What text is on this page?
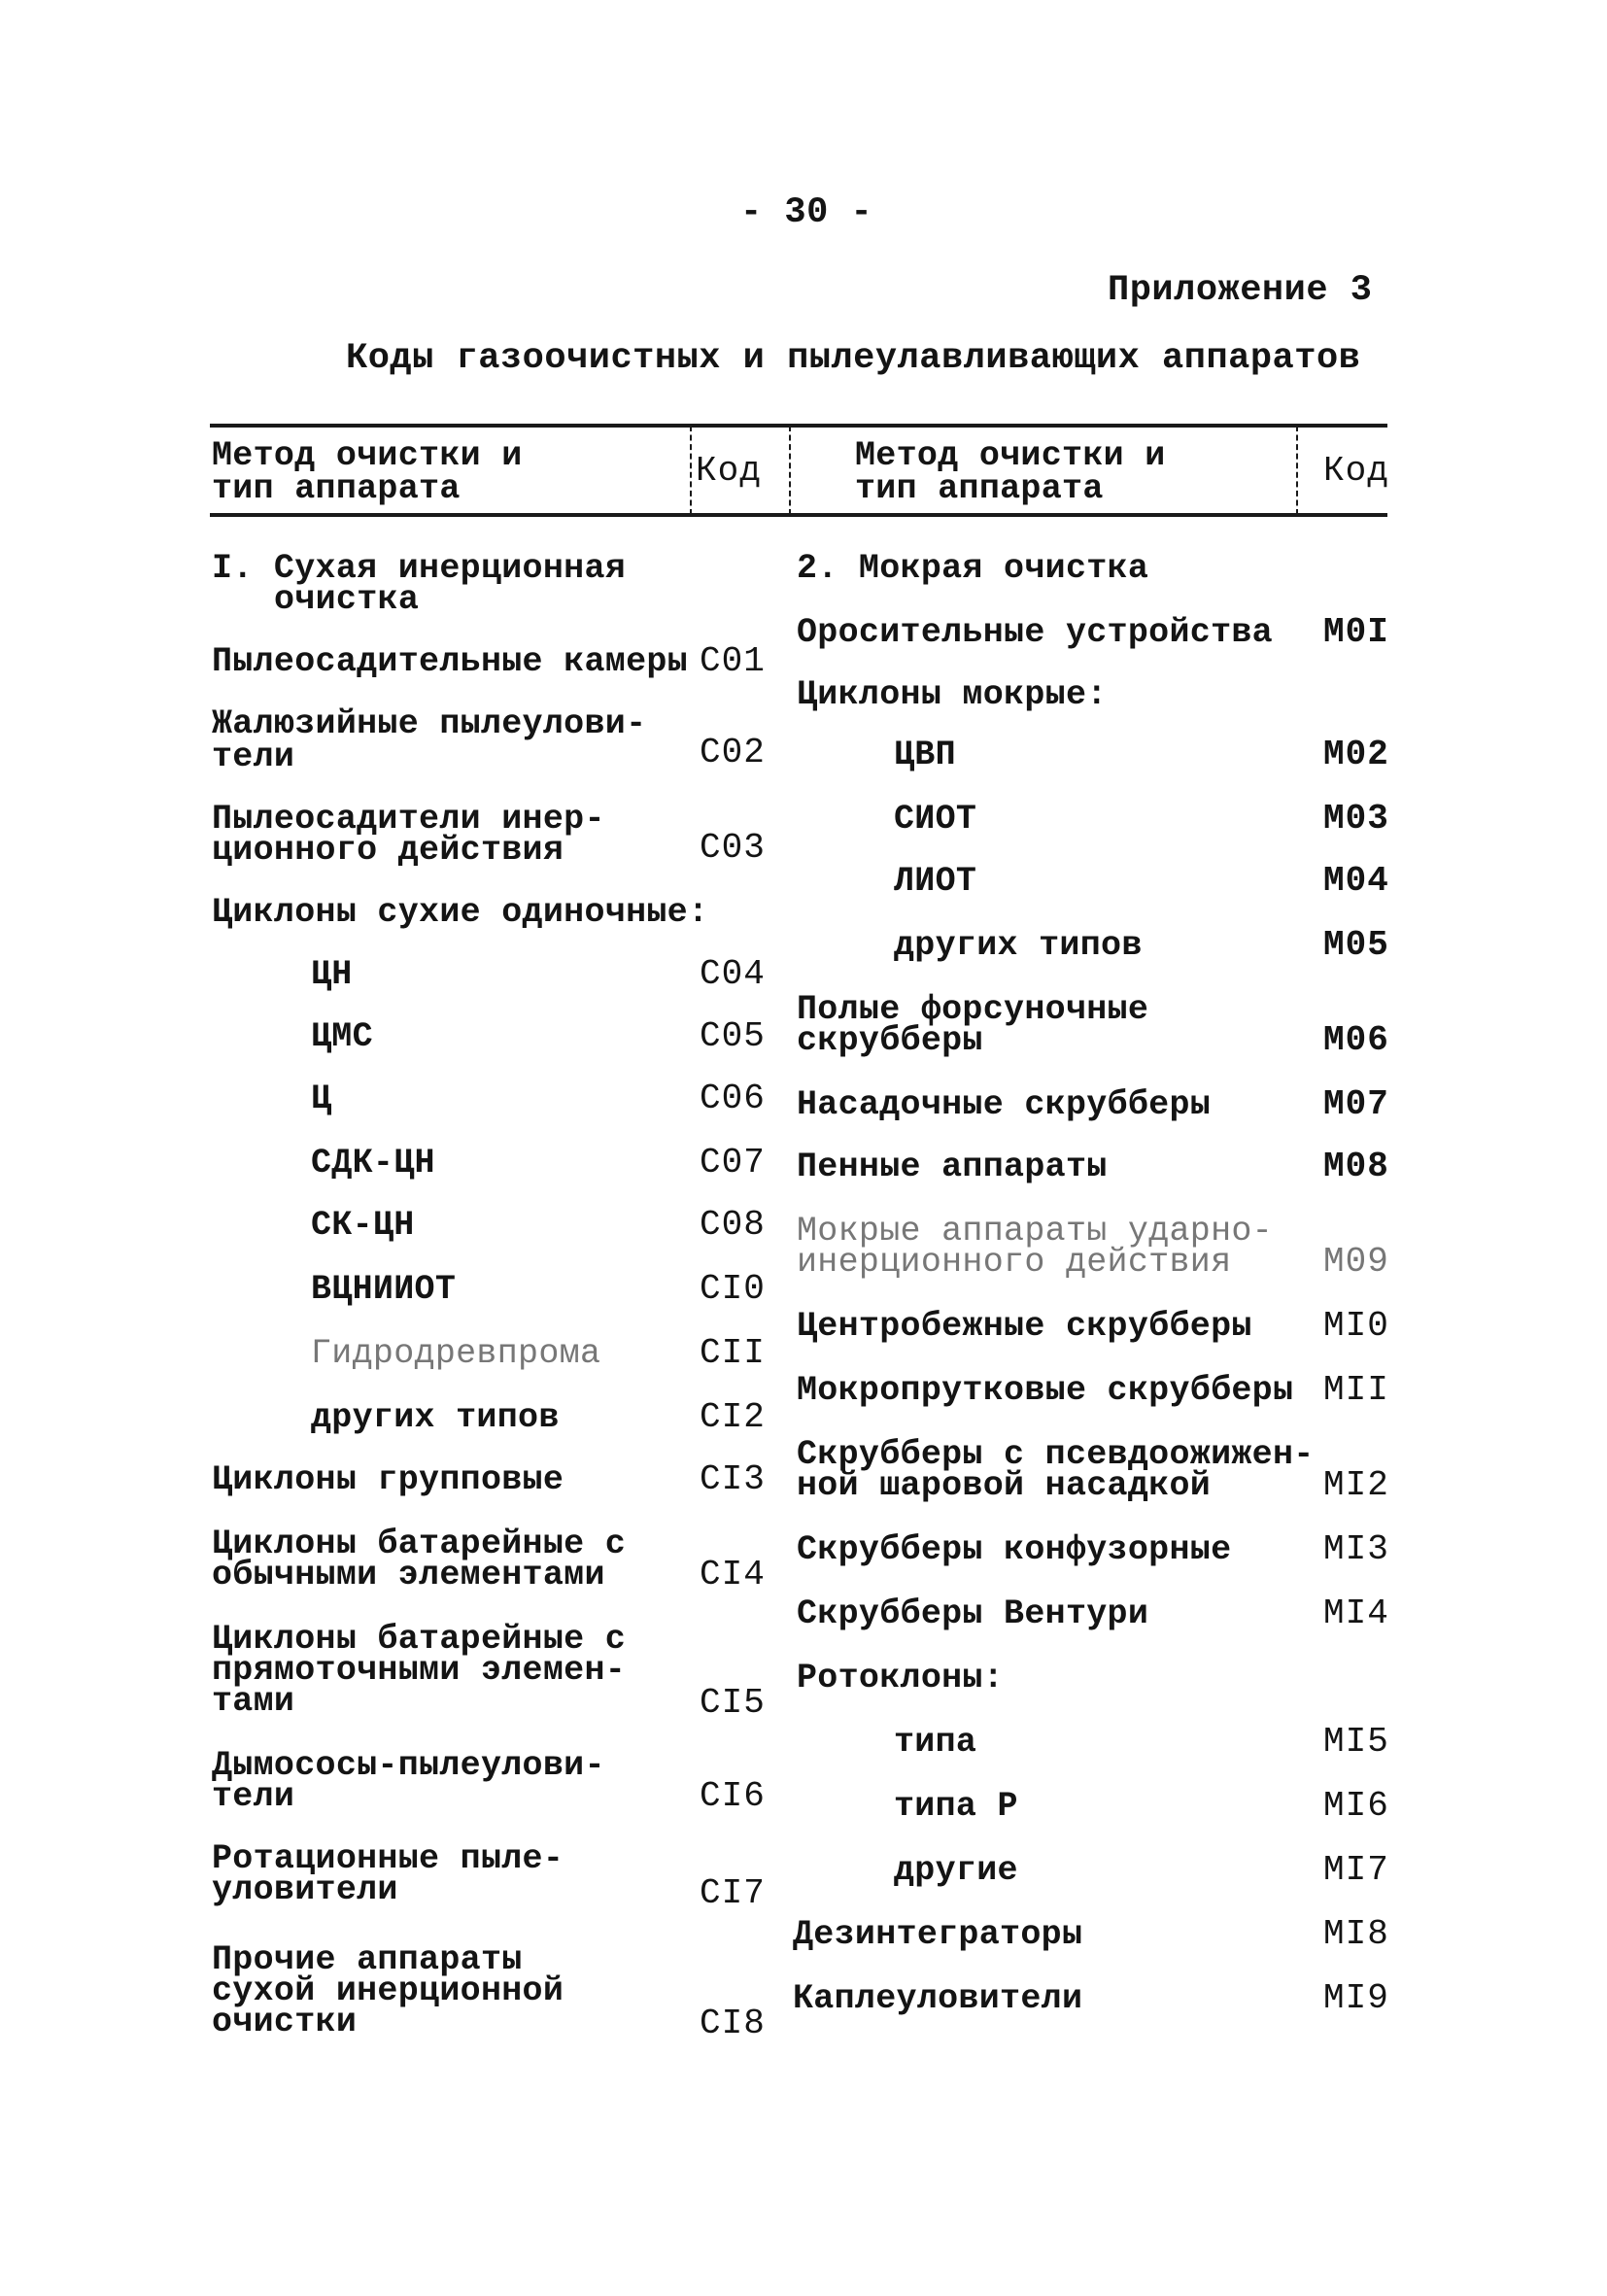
- 30 -
Приложение 3
Коды газоочистных и пылеулавливающих аппаратов
Метод очистки и
тип аппарата	Код	Метод очистки и
тип аппарата	Код
I. Сухая инерционная
очистка
Пылеосадительные камеры C01
Жалюзийные пылеулови-
тели	C02
Пылеосадители инер-
ционного действия	C03
Циклоны сухие одиночные:
ЦН	C04
ЦМС	C05
Ц	C06
СДК-ЦН	C07
СК-ЦН	C08
ВЦНИИОТ	CI0
Гидродревпрома	CII
других типов	CI2
Циклоны групповые	CI3
Циклоны батарейные с
обычными элементами	CI4
Циклоны батарейные с
прямоточными элемен-
тами	CI5
Дымососы-пылеулови-
тели	CI6
Ротационные пыле-
уловители	CI7
Прочие аппараты
сухой инерционной
очистки	CI8
2. Мокрая очистка
Оросительные устройства M0I
Циклоны мокрые:
ЦВП	M02
СИОТ	M03
ЛИОТ	M04
других типов	M05
Полые форсуночные
скрубберы	M06
Насадочные скрубберы	M07
Пенные аппараты	M08
Мокрые аппараты ударно-
инерционного действия	M09
Центробежные скрубберы MI0
Мокропрутковые скрубберы MII
Скрубберы с псевдоожижен-
ной шаровой насадкой	MI2
Скрубберы конфузорные	MI3
Скрубберы Вентури	MI4
Ротоклоны:
типа	MI5
типа Р	MI6
другие	MI7
Дезинтеграторы	MI8
Каплеуловители	MI9
